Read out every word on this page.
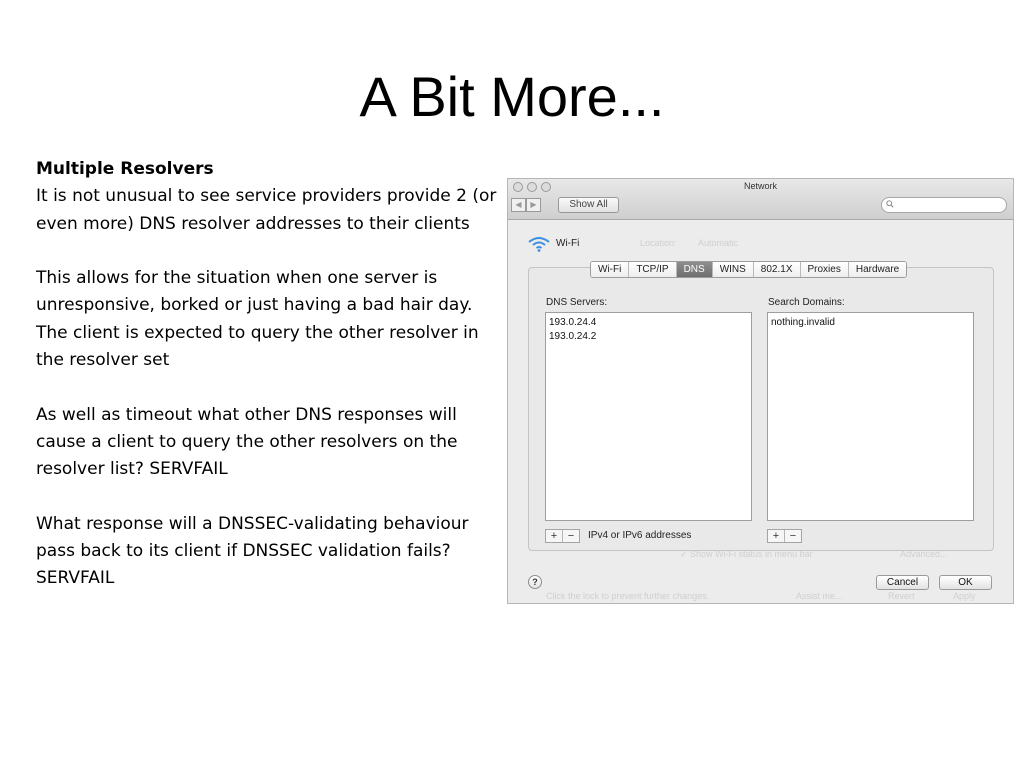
A Bit More...

Multiple Resolvers
It is not unusual to see service providers provide 2 (or even more) DNS resolver addresses to their clients

This allows for the situation when one server is unresponsive, borked or just having a bad hair day. The client is expected to query the other resolver in the resolver set

As well as timeout what other DNS responses will cause a client to query the other resolvers on the resolver list? SERVFAIL

What response will a DNSSEC-validating behaviour pass back to its client if DNSSEC validation fails?
SERVFAIL

Network
◀	▶	Show All
Location: Automatic
Wi-Fi
Wi-Fi	TCP/IP	DNS	WINS	802.1X	Proxies	Hardware
DNS Servers:
193.0.24.4
193.0.24.2
Search Domains:
nothing.invalid
+ −	IPv4 or IPv6 addresses	+ −
✓ Show Wi-Fi status in menu bar	Advanced...
?	Cancel	OK
Click the lock to prevent further changes.	Assist me...	Revert	Apply
